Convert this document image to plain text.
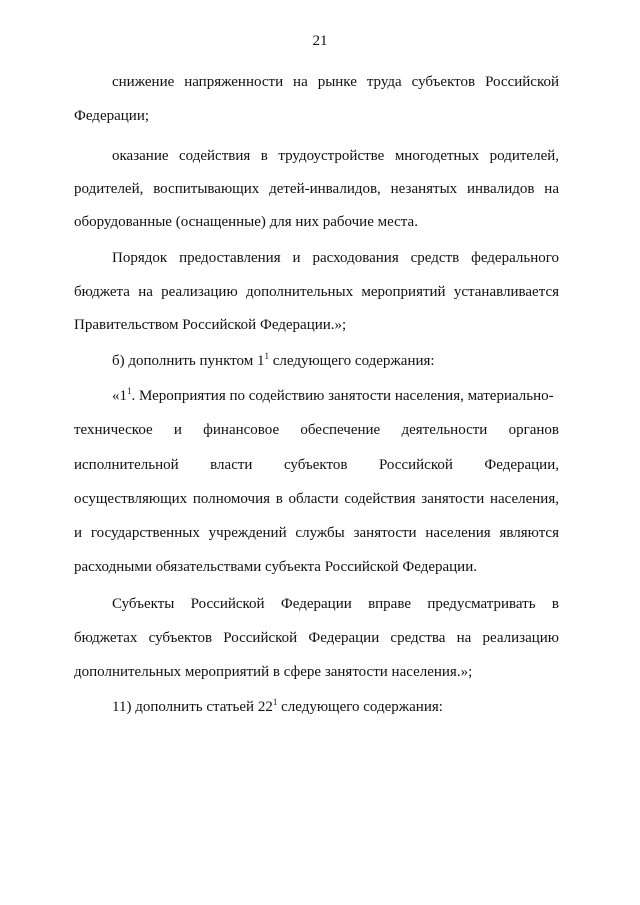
21
снижение напряженности на рынке труда субъектов Российской
Федерации;
оказание содействия в трудоустройстве многодетных родителей,
родителей, воспитывающих детей-инвалидов, незанятых инвалидов на
оборудованные (оснащенные) для них рабочие места.
Порядок предоставления и расходования средств федерального
бюджета на реализацию дополнительных мероприятий устанавливается
Правительством Российской Федерации.»;
б) дополнить пунктом $1^1$ следующего содержания:
«$1^1$. Мероприятия по содействию занятости населения, материально-
техническое и финансовое обеспечение деятельности органов
исполнительной власти субъектов Российской Федерации,
осуществляющих полномочия в области содействия занятости населения,
и государственных учреждений службы занятости населения являются
расходными обязательствами субъекта Российской Федерации.
Субъекты Российской Федерации вправе предусматривать в
бюджетах субъектов Российской Федерации средства на реализацию
дополнительных мероприятий в сфере занятости населения.»;
11) дополнить статьей $22^1$ следующего содержания:
